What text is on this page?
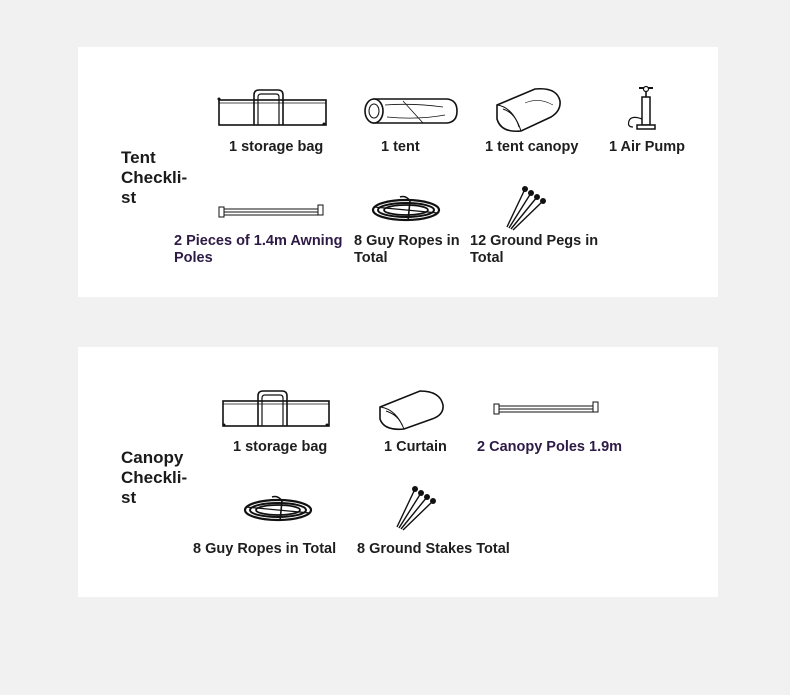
Tent
Checkli-
st
1 storage bag	1 tent	1 tent canopy 1 Air Pump
2 Pieces of 1.4m Awning Poles
8 Guy Ropes in Total
12 Ground Pegs in Total
Canopy
Checkli-
st
1 storage bag	1 Curtain 2 Canopy Poles 1.9m
8 Guy Ropes in Total 8 Ground Stakes Total
